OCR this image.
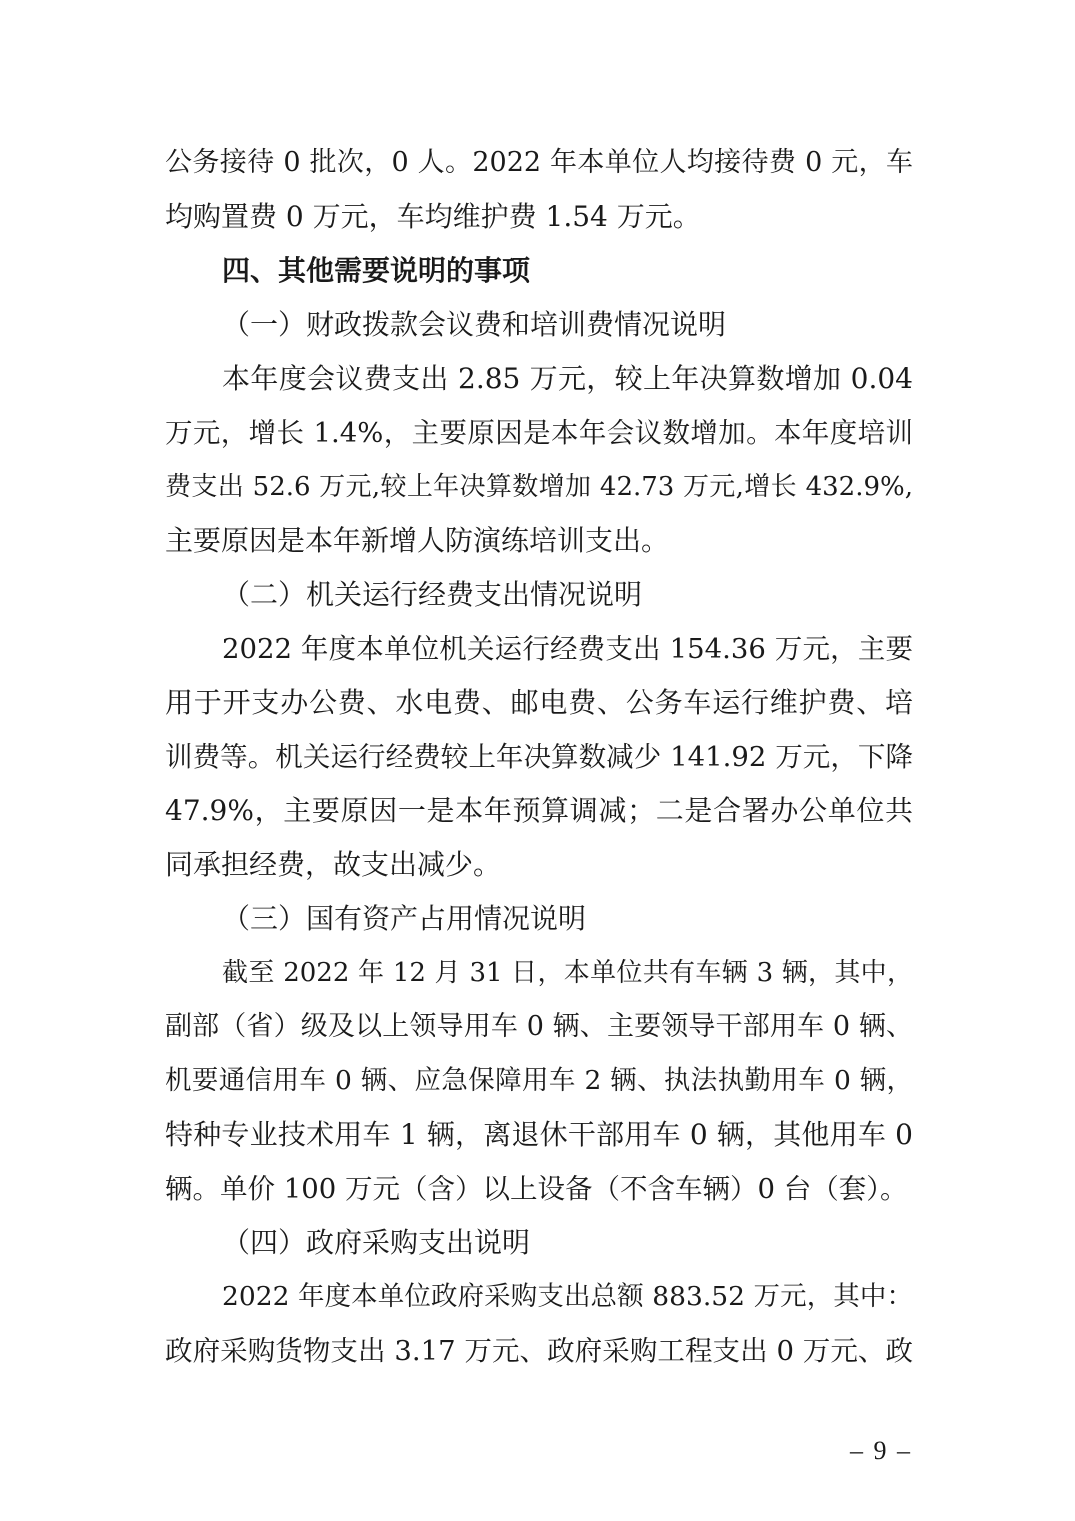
公务接待 0 批次，0 人。2022 年本单位人均接待费 0 元，车
均购置费 0 万元，车均维护费 1.54 万元。
四、其他需要说明的事项
（一）财政拨款会议费和培训费情况说明
本年度会议费支出 2.85 万元，较上年决算数增加 0.04
万元，增长 1.4%，主要原因是本年会议数增加。本年度培训
费支出 52.6 万元,较上年决算数增加 42.73 万元,增长 432.9%,
主要原因是本年新增人防演练培训支出。
（二）机关运行经费支出情况说明
2022 年度本单位机关运行经费支出 154.36 万元，主要
用于开支办公费、水电费、邮电费、公务车运行维护费、培
训费等。机关运行经费较上年决算数减少 141.92 万元，下降
47.9%，主要原因一是本年预算调减；二是合署办公单位共
同承担经费，故支出减少。
（三）国有资产占用情况说明
截至 2022 年 12 月 31 日，本单位共有车辆 3 辆，其中，
副部（省）级及以上领导用车 0 辆、主要领导干部用车 0 辆、
机要通信用车 0 辆、应急保障用车 2 辆、执法执勤用车 0 辆，
特种专业技术用车 1 辆，离退休干部用车 0 辆，其他用车 0
辆。单价 100 万元（含）以上设备（不含车辆）0 台（套）。
（四）政府采购支出说明
2022 年度本单位政府采购支出总额 883.52 万元，其中：
政府采购货物支出 3.17 万元、政府采购工程支出 0 万元、政
– 9 –
